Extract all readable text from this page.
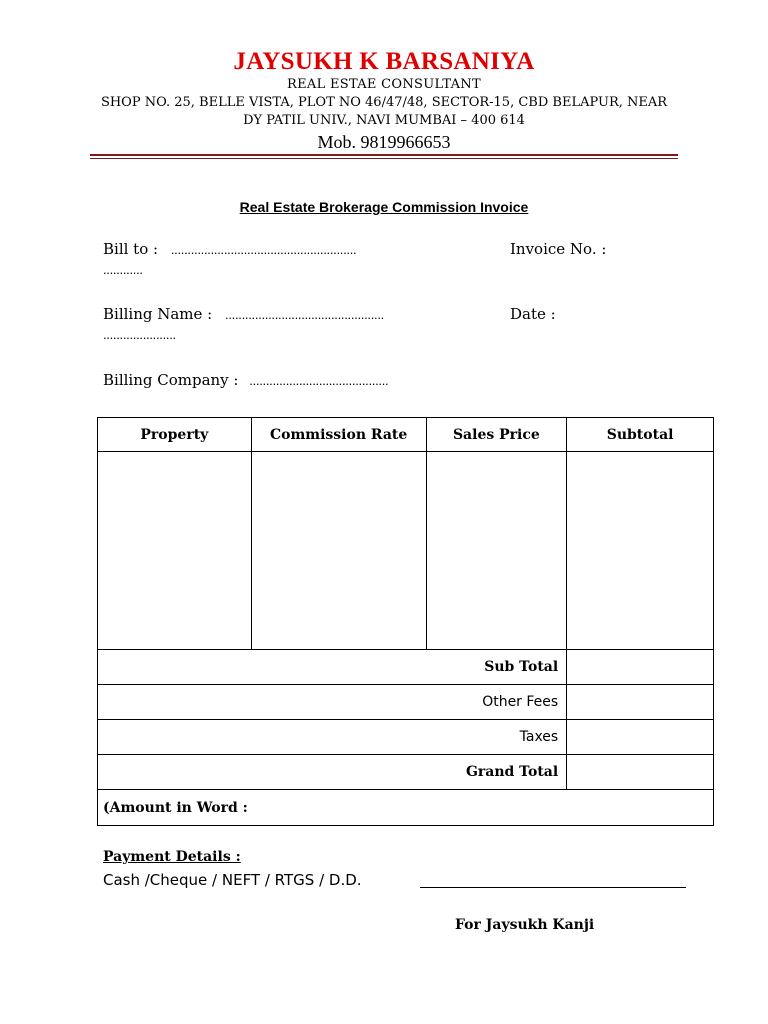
JAYSUKH K BARSANIYA
REAL ESTAE CONSULTANT
SHOP NO. 25, BELLE VISTA, PLOT NO 46/47/48, SECTOR-15, CBD BELAPUR, NEAR
DY PATIL UNIV., NAVI MUMBAI – 400 614
Mob. 9819966653
Real Estate Brokerage Commission Invoice
Bill to : ........................................................	Invoice No. :
............
Billing Name : ................................................	Date :
......................
Billing Company : ..........................................
Property	Commission Rate	Sales Price	Subtotal

Sub Total			
Other Fees			
Taxes			
Grand Total			
(Amount in Word :			
Payment Details :
Cash /Cheque / NEFT / RTGS / D.D.
For Jaysukh Kanji
